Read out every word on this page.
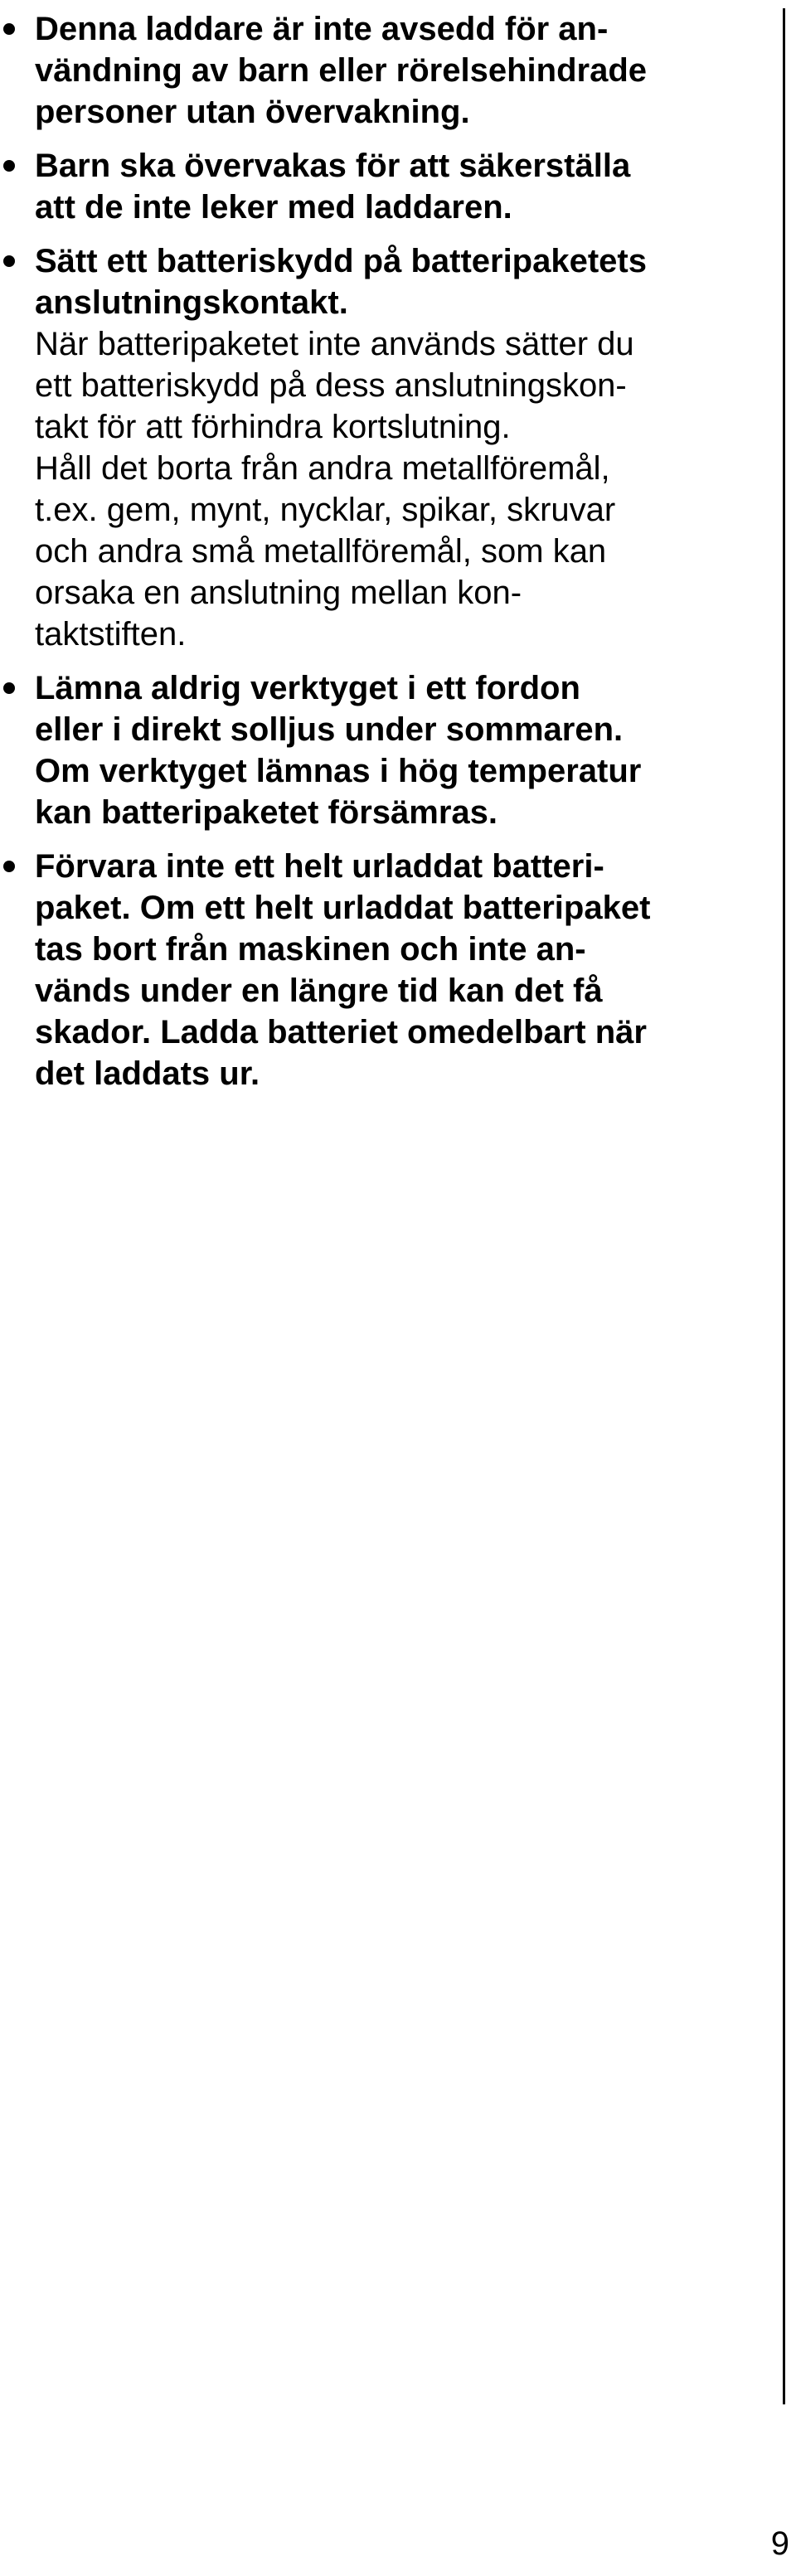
Denna laddare är inte avsedd för an-
vändning av barn eller rörelsehindrade
personer utan övervakning.
Barn ska övervakas för att säkerställa
att de inte leker med laddaren.
Sätt ett batteriskydd på batteripaketets
anslutningskontakt.
När batteripaketet inte används sätter du
ett batteriskydd på dess anslutningskon-
takt för att förhindra kortslutning.
Håll det borta från andra metallföremål,
t.ex. gem, mynt, nycklar, spikar, skruvar
och andra små metallföremål, som kan
orsaka en anslutning mellan kon-
taktstiften.
Lämna aldrig verktyget i ett fordon
eller i direkt solljus under sommaren.
Om verktyget lämnas i hög temperatur
kan batteripaketet försämras.
Förvara inte ett helt urladdat batteri-
paket. Om ett helt urladdat batteripaket
tas bort från maskinen och inte an-
vänds under en längre tid kan det få
skador. Ladda batteriet omedelbart när
det laddats ur.
9
